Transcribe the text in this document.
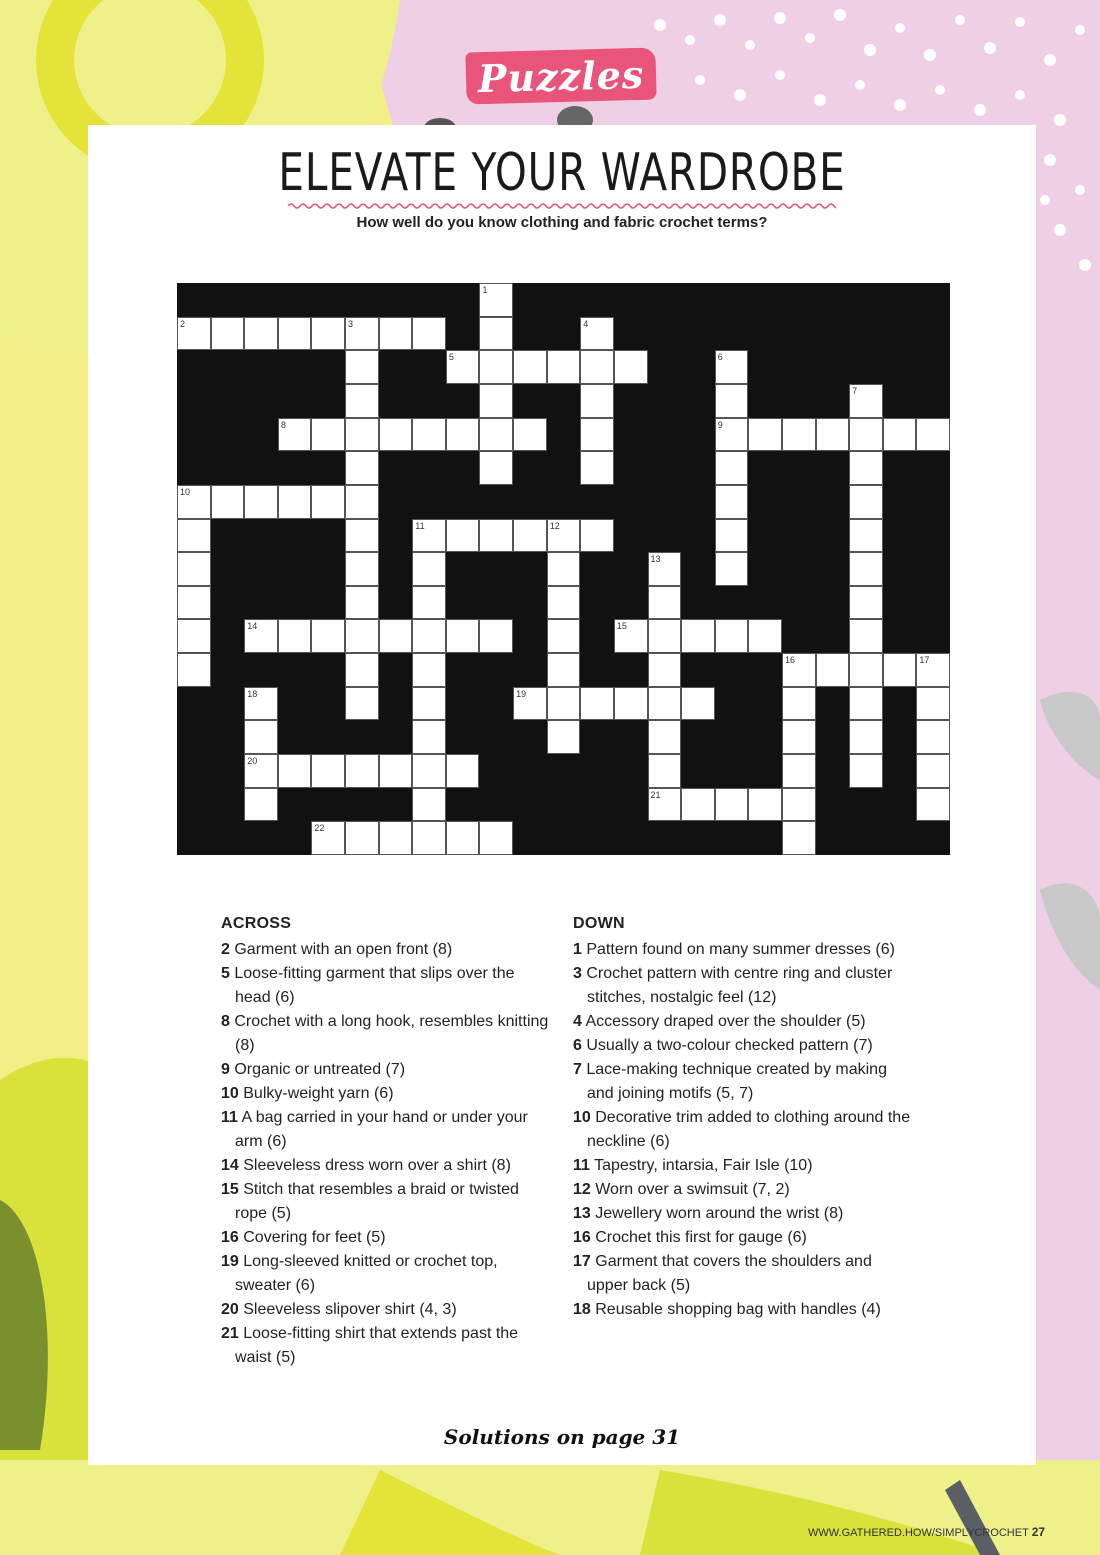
Puzzles
ELEVATE YOUR WARDROBE
How well do you know clothing and fabric crochet terms?
1
2	3	4
5	6
9
7
8
10
11	12
13
21
14	15
16	17
18
20
19
22
ACROSS
2 Garment with an open front (8)
5 Loose-fitting garment that slips over the head (6)
8 Crochet with a long hook, resembles knitting (8)
9 Organic or untreated (7)
10 Bulky-weight yarn (6)
11 A bag carried in your hand or under your arm (6)
14 Sleeveless dress worn over a shirt (8)
15 Stitch that resembles a braid or twisted rope (5)
16 Covering for feet (5)
19 Long-sleeved knitted or crochet top, sweater (6)
20 Sleeveless slipover shirt (4, 3)
21 Loose-fitting shirt that extends past the waist (5)
DOWN
1 Pattern found on many summer dresses (6)
3 Crochet pattern with centre ring and cluster stitches, nostalgic feel (12)
4 Accessory draped over the shoulder (5)
6 Usually a two-colour checked pattern (7)
7 Lace-making technique created by making and joining motifs (5, 7)
10 Decorative trim added to clothing around the neckline (6)
11 Tapestry, intarsia, Fair Isle (10)
12 Worn over a swimsuit (7, 2)
13 Jewellery worn around the wrist (8)
16 Crochet this first for gauge (6)
17 Garment that covers the shoulders and upper back (5)
18 Reusable shopping bag with handles (4)
Solutions on page 31
WWW.GATHERED.HOW/SIMPLYCROCHET 27
